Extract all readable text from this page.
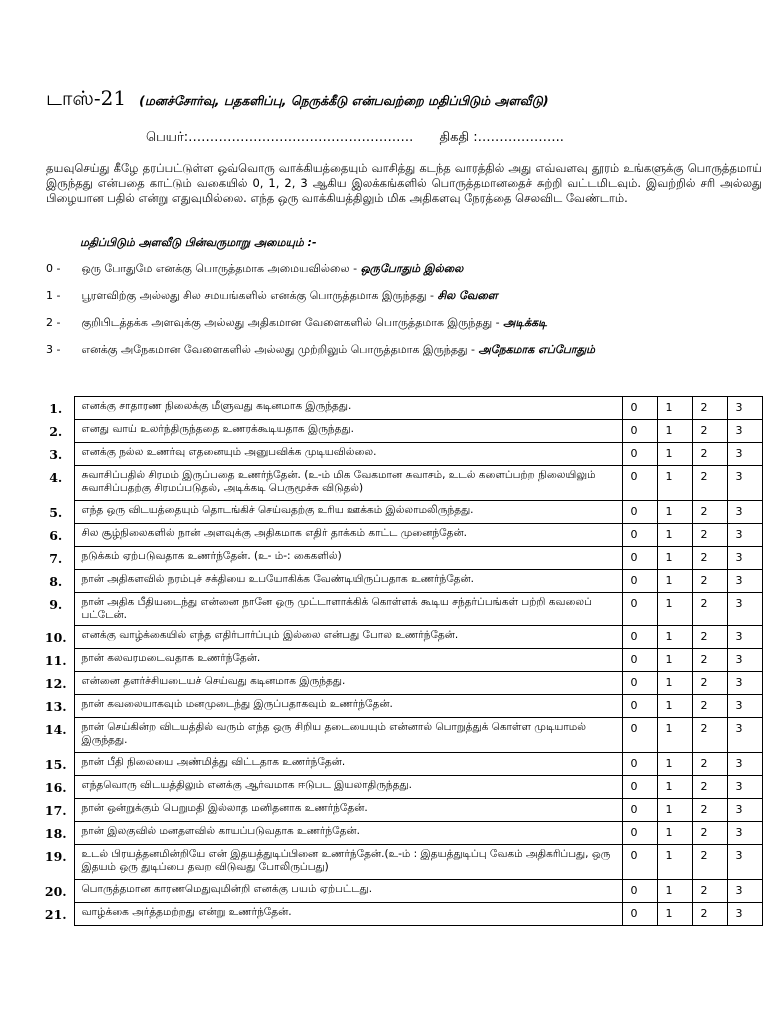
டாஸ்-21 (மனச்சோர்வு, பதகளிப்பு, நெருக்கீடு என்பவற்றை மதிப்பிடும் அளவீடு)
பெயர்:……………………………………………. திகதி :………………..

தயவுசெய்து கீழே தரப்பட்டுள்ள ஒவ்வொரு வாக்கியத்தையும் வாசித்து கடந்த வாரத்தில் அது எவ்வளவு தூரம் உங்களுக்கு பொருத்தமாய் இருந்தது என்பதை காட்டும் வகையில் 0, 1, 2, 3 ஆகிய இலக்கங்களில் பொருத்தமானதைச் சுற்றி வட்டமிடவும். இவற்றில் சரி அல்லது பிழையான பதில் என்று எதுவுமில்லை. எந்த ஒரு வாக்கியத்திலும் மிக அதிகளவு நேரத்தை செலவிட வேண்டாம்.

மதிப்பிடும் அளவீடு பின்வருமாறு அமையும் :-
0 - ஒரு போதுமே எனக்கு பொருத்தமாக அமையவில்லை - ஒருபோதும் இல்லை
1 - பூரளவிற்கு அல்லது சில சமயங்களில் எனக்கு பொருத்தமாக இருந்தது - சில வேளை
2 - குறிபிடத்தக்க அளவுக்கு அல்லது அதிகமான வேளைகளில் பொருத்தமாக இருந்தது - அடிக்கடி
3 - எனக்கு அநேகமான வேளைகளில் அல்லது முற்றிலும் பொருத்தமாக இருந்தது - அநேகமாக எப்போதும்
1.	எனக்கு சாதாரண நிலைக்கு மீளுவது கடினமாக இருந்தது.	0	1	2	3
2.	எனது வாய் உலர்ந்திருந்ததை உணரக்கூடியதாக இருந்தது.	0	1	2	3
3.	எனக்கு நல்ல உணர்வு எதனையும் அனுபவிக்க முடியவில்லை.	0	1	2	3
4.	சுவாசிப்பதில் சிரமம் இருப்பதை உணர்ந்தேன். (உ-ம் மிக வேகமான சுவாசம், உடல் களைப்பற்ற நிலையிலும் சுவாசிப்பதற்கு சிரமப்படுதல், அடிக்கடி பெருமூச்சு விடுதல்)	0	1	2	3
5.	எந்த ஒரு விடயத்தையும் தொடங்கிச் செய்வதற்கு உரிய ஊக்கம் இல்லாமலிருந்தது.	0	1	2	3
6.	சில சூழ்நிலைகளில் நான் அளவுக்கு அதிகமாக எதிர் தாக்கம் காட்ட முனைந்தேன்.	0	1	2	3
7.	நடுக்கம் ஏற்படுவதாக உணர்ந்தேன். (உ- ம்-: கைகளில்)	0	1	2	3
8.	நான் அதிகளவில் நரம்புச் சக்தியை உபயோகிக்க வேண்டியிருப்பதாக உணர்ந்தேன்.	0	1	2	3
9.	நான் அதிக பீதியடைந்து என்னை நானே ஒரு முட்டாளாக்கிக் கொள்ளக் கூடிய சந்தர்ப்பங்கள் பற்றி கவலைப் பட்டேன்.	0	1	2	3
10.	எனக்கு வாழ்க்கையில் எந்த எதிர்பார்ப்பும் இல்லை என்பது போல உணர்ந்தேன்.	0	1	2	3
11.	நான் கலவரமடைவதாக உணர்ந்தேன்.	0	1	2	3
12.	என்னை தளர்ச்சியடையச் செய்வது கடினமாக இருந்தது.	0	1	2	3
13.	நான் கவலையாகவும் மனமுடைந்து இருப்பதாகவும் உணர்ந்தேன்.	0	1	2	3
14.	நான் செய்கின்ற விடயத்தில் வரும் எந்த ஒரு சிறிய தடையையும் என்னால் பொறுத்துக் கொள்ள முடியாமல் இருந்தது.	0	1	2	3
15.	நான் பீதி நிலையை அண்மித்து விட்டதாக உணர்ந்தேன்.	0	1	2	3
16.	எந்தவொரு விடயத்திலும் எனக்கு ஆர்வமாக ஈடுபட இயலாதிருந்தது.	0	1	2	3
17.	நான் ஒன்றுக்கும் பெறுமதி இல்லாத மனிதனாக உணர்ந்தேன்.	0	1	2	3
18.	நான் இலகுவில் மனதளவில் காயப்படுவதாக உணர்ந்தேன்.	0	1	2	3
19.	உடல் பிரயத்தனமின்றியே என் இதயத்துடிப்பினை உணர்ந்தேன்.(உ-ம் : இதயத்துடிப்பு வேகம் அதிகரிப்பது, ஒரு இதயம் ஒரு துடிப்பை தவற விடுவது போலிருப்பது)	0	1	2	3
20.	பொருத்தமான காரணமெதுவுமின்றி எனக்கு பயம் ஏற்பட்டது.	0	1	2	3
21.	வாழ்க்கை அர்த்தமற்றது என்று உணர்ந்தேன்.	0	1	2	3
